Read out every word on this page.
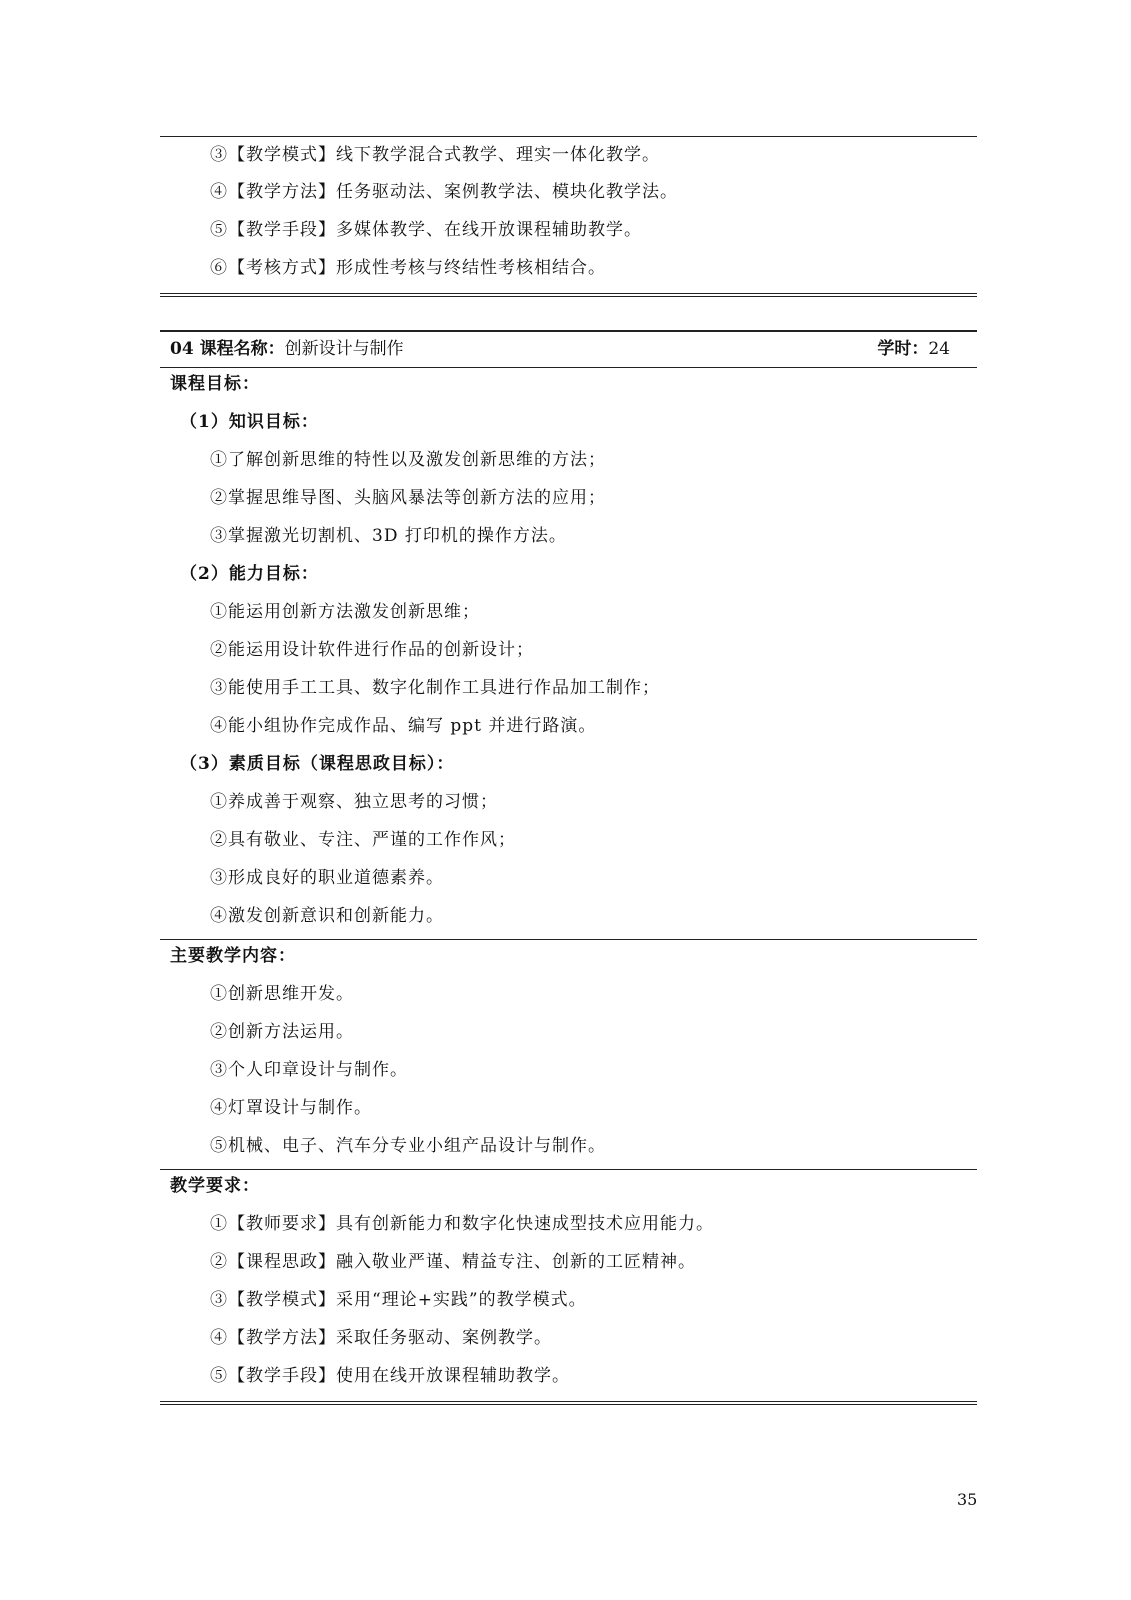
③【教学模式】线下教学混合式教学、理实一体化教学。
④【教学方法】任务驱动法、案例教学法、模块化教学法。
⑤【教学手段】多媒体教学、在线开放课程辅助教学。
⑥【考核方式】形成性考核与终结性考核相结合。
04 课程名称：创新设计与制作	学时：24
课程目标：
（1）知识目标：
①了解创新思维的特性以及激发创新思维的方法；
②掌握思维导图、头脑风暴法等创新方法的应用；
③掌握激光切割机、3D 打印机的操作方法。
（2）能力目标：
①能运用创新方法激发创新思维；
②能运用设计软件进行作品的创新设计；
③能使用手工工具、数字化制作工具进行作品加工制作；
④能小组协作完成作品、编写 ppt 并进行路演。
（3）素质目标（课程思政目标）：
①养成善于观察、独立思考的习惯；
②具有敬业、专注、严谨的工作作风；
③形成良好的职业道德素养。
④激发创新意识和创新能力。
主要教学内容：
①创新思维开发。
②创新方法运用。
③个人印章设计与制作。
④灯罩设计与制作。
⑤机械、电子、汽车分专业小组产品设计与制作。
教学要求：
①【教师要求】具有创新能力和数字化快速成型技术应用能力。
②【课程思政】融入敬业严谨、精益专注、创新的工匠精神。
③【教学模式】采用“理论+实践”的教学模式。
④【教学方法】采取任务驱动、案例教学。
⑤【教学手段】使用在线开放课程辅助教学。
35
